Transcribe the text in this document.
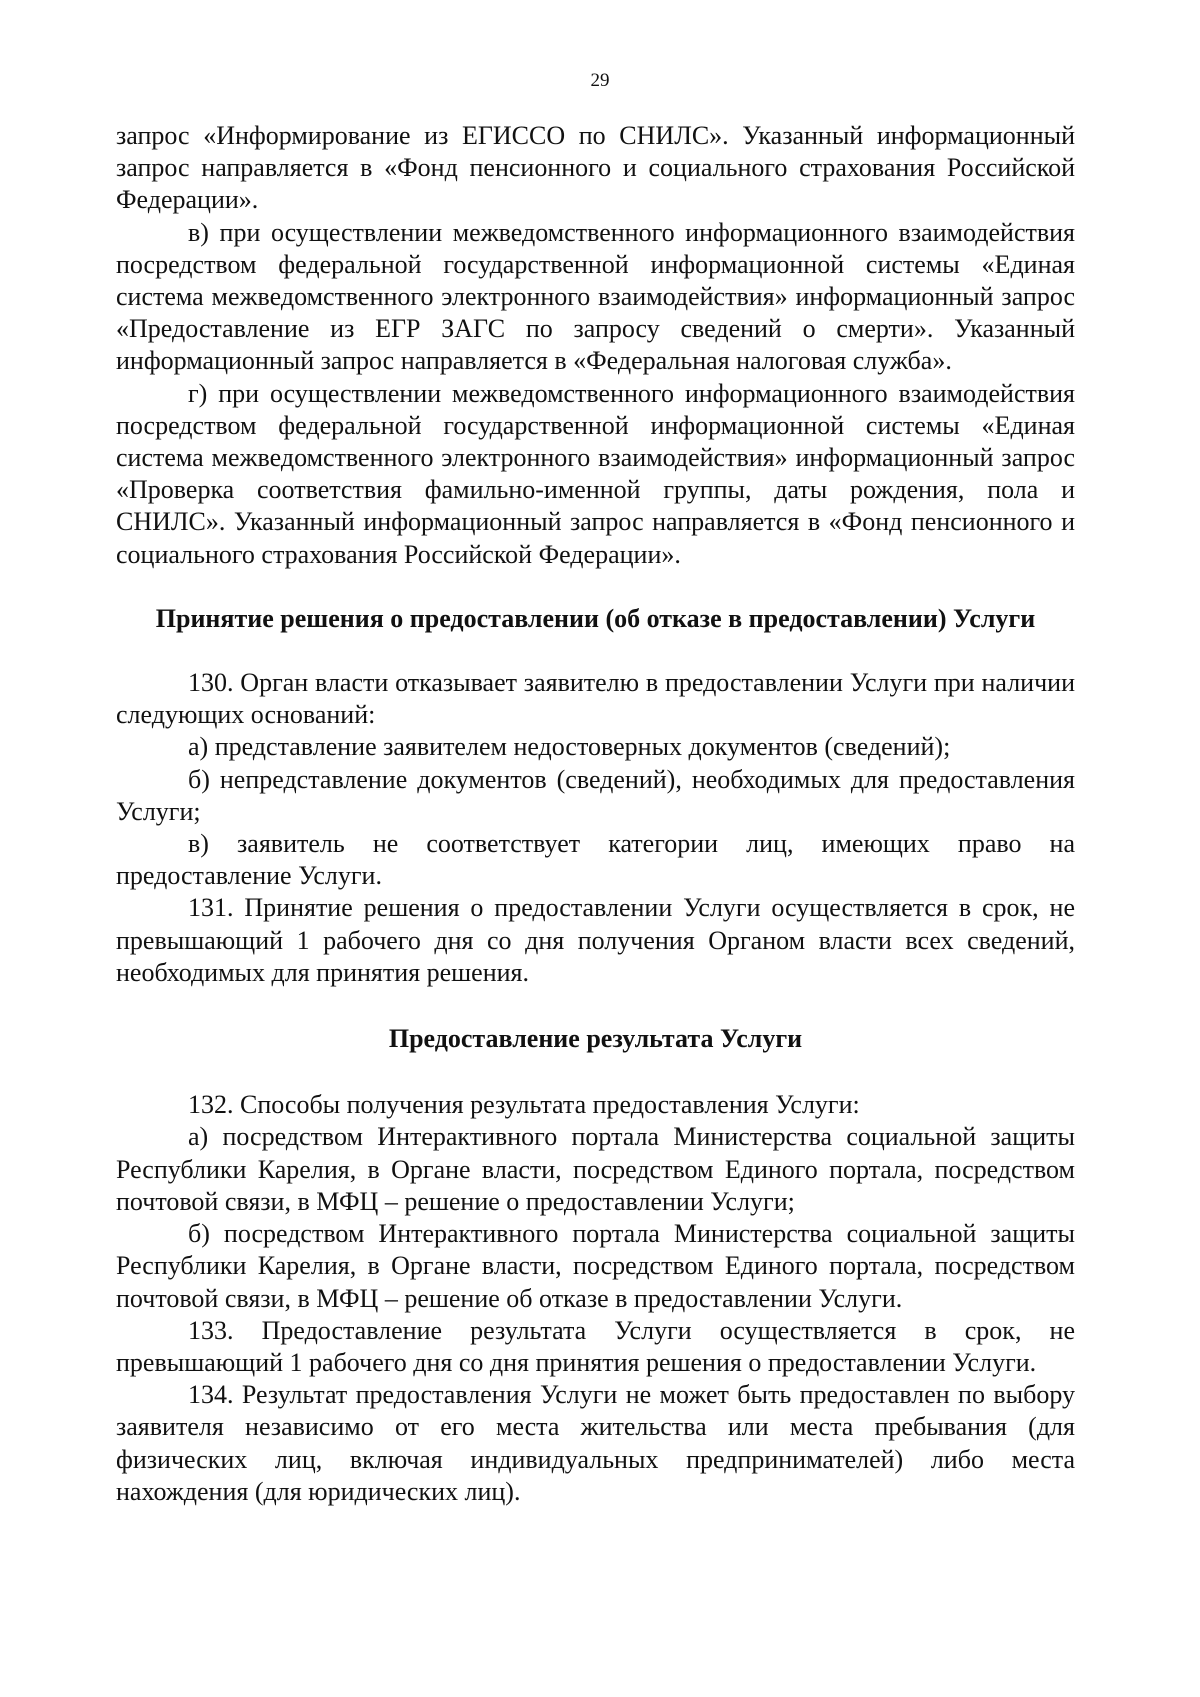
29

запрос «Информирование из ЕГИССО по СНИЛС». Указанный информационный запрос направляется в «Фонд пенсионного и социального страхования Российской Федерации».

в) при осуществлении межведомственного информационного взаимодействия посредством федеральной государственной информационной системы «Единая система межведомственного электронного взаимодействия» информационный запрос «Предоставление из ЕГР ЗАГС по запросу сведений о смерти». Указанный информационный запрос направляется в «Федеральная налоговая служба».

г) при осуществлении межведомственного информационного взаимодействия посредством федеральной государственной информационной системы «Единая система межведомственного электронного взаимодействия» информационный запрос «Проверка соответствия фамильно-именной группы, даты рождения, пола и СНИЛС». Указанный информационный запрос направляется в «Фонд пенсионного и социального страхования Российской Федерации».

Принятие решения о предоставлении (об отказе в предоставлении) Услуги

130. Орган власти отказывает заявителю в предоставлении Услуги при наличии следующих оснований:

а) представление заявителем недостоверных документов (сведений);

б) непредставление документов (сведений), необходимых для предоставления Услуги;

в) заявитель не соответствует категории лиц, имеющих право на предоставление Услуги.

131. Принятие решения о предоставлении Услуги осуществляется в срок, не превышающий 1 рабочего дня со дня получения Органом власти всех сведений, необходимых для принятия решения.

Предоставление результата Услуги

132. Способы получения результата предоставления Услуги:

а) посредством Интерактивного портала Министерства социальной защиты Республики Карелия, в Органе власти, посредством Единого портала, посредством почтовой связи, в МФЦ – решение о предоставлении Услуги;

б) посредством Интерактивного портала Министерства социальной защиты Республики Карелия, в Органе власти, посредством Единого портала, посредством почтовой связи, в МФЦ – решение об отказе в предоставлении Услуги.

133. Предоставление результата Услуги осуществляется в срок, не превышающий 1 рабочего дня со дня принятия решения о предоставлении Услуги.

134. Результат предоставления Услуги не может быть предоставлен по выбору заявителя независимо от его места жительства или места пребывания (для физических лиц, включая индивидуальных предпринимателей) либо места нахождения (для юридических лиц).
